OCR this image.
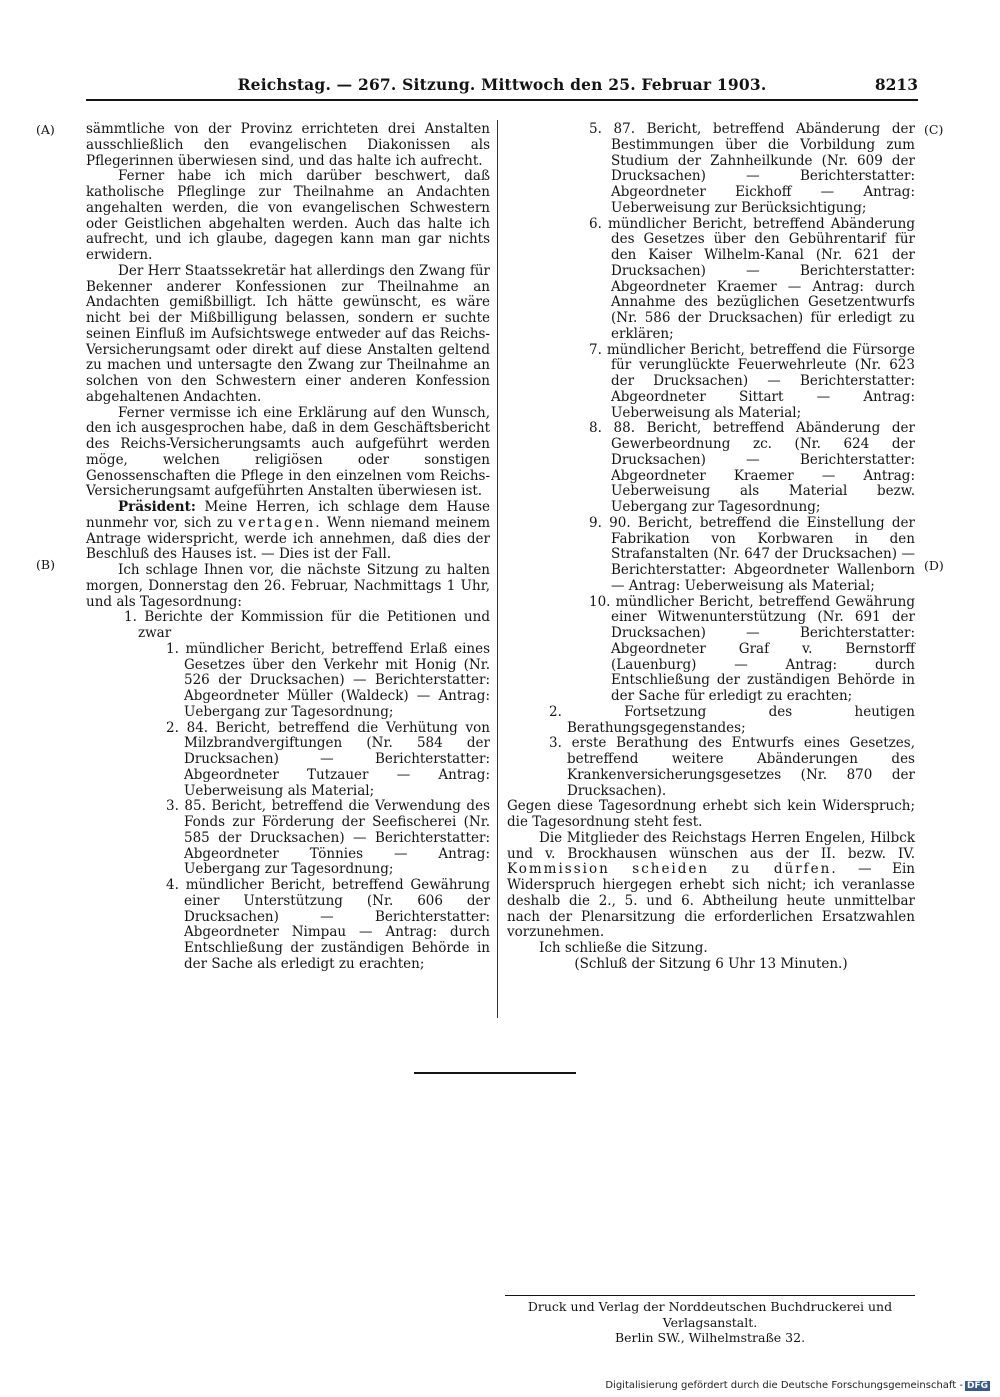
Reichstag. — 267. Sitzung. Mittwoch den 25. Februar 1903.	8213
(A)
(B)
(C)
(D)

sämmtliche von der Provinz errichteten drei Anstalten ausschließlich den evangelischen Diakonissen als Pflegerinnen überwiesen sind, und das halte ich aufrecht.

Ferner habe ich mich darüber beschwert, daß katholische Pfleglinge zur Theilnahme an Andachten angehalten werden, die von evangelischen Schwestern oder Geistlichen abgehalten werden. Auch das halte ich aufrecht, und ich glaube, dagegen kann man gar nichts erwidern.

Der Herr Staatssekretär hat allerdings den Zwang für Bekenner anderer Konfessionen zur Theilnahme an Andachten gemißbilligt. Ich hätte gewünscht, es wäre nicht bei der Mißbilligung belassen, sondern er suchte seinen Einfluß im Aufsichtswege entweder auf das Reichs-Versicherungsamt oder direkt auf diese Anstalten geltend zu machen und untersagte den Zwang zur Theilnahme an solchen von den Schwestern einer anderen Konfession abgehaltenen Andachten.

Ferner vermisse ich eine Erklärung auf den Wunsch, den ich ausgesprochen habe, daß in dem Geschäftsbericht des Reichs-Versicherungsamts auch aufgeführt werden möge, welchen religiösen oder sonstigen Genossenschaften die Pflege in den einzelnen vom Reichs-Versicherungsamt aufgeführten Anstalten überwiesen ist.

Präsident: Meine Herren, ich schlage dem Hause nunmehr vor, sich zu vertagen. Wenn niemand meinem Antrage widerspricht, werde ich annehmen, daß dies der Beschluß des Hauses ist. — Dies ist der Fall.

Ich schlage Ihnen vor, die nächste Sitzung zu halten morgen, Donnerstag den 26. Februar, Nachmittags 1 Uhr, und als Tagesordnung:

1. Berichte der Kommission für die Petitionen und zwar

1. mündlicher Bericht, betreffend Erlaß eines Gesetzes über den Verkehr mit Honig (Nr. 526 der Drucksachen) — Berichterstatter: Abgeordneter Müller (Waldeck) — Antrag: Uebergang zur Tagesordnung;

2. 84. Bericht, betreffend die Verhütung von Milzbrandvergiftungen (Nr. 584 der Drucksachen) — Berichterstatter: Abgeordneter Tutzauer — Antrag: Ueberweisung als Material;

3. 85. Bericht, betreffend die Verwendung des Fonds zur Förderung der Seefischerei (Nr. 585 der Drucksachen) — Berichterstatter: Abgeordneter Tönnies — Antrag: Uebergang zur Tagesordnung;

4. mündlicher Bericht, betreffend Gewährung einer Unterstützung (Nr. 606 der Drucksachen) — Berichterstatter: Abgeordneter Nimpau — Antrag: durch Entschließung der zuständigen Behörde in der Sache als erledigt zu erachten;

5. 87. Bericht, betreffend Abänderung der Bestimmungen über die Vorbildung zum Studium der Zahnheilkunde (Nr. 609 der Drucksachen) — Berichterstatter: Abgeordneter Eickhoff — Antrag: Ueberweisung zur Berücksichtigung;

6. mündlicher Bericht, betreffend Abänderung des Gesetzes über den Gebührentarif für den Kaiser Wilhelm-Kanal (Nr. 621 der Drucksachen) — Berichterstatter: Abgeordneter Kraemer — Antrag: durch Annahme des bezüglichen Gesetzentwurfs (Nr. 586 der Drucksachen) für erledigt zu erklären;

7. mündlicher Bericht, betreffend die Fürsorge für verunglückte Feuerwehrleute (Nr. 623 der Drucksachen) — Berichterstatter: Abgeordneter Sittart — Antrag: Ueberweisung als Material;

8. 88. Bericht, betreffend Abänderung der Gewerbeordnung zc. (Nr. 624 der Drucksachen) — Berichterstatter: Abgeordneter Kraemer — Antrag: Ueberweisung als Material bezw. Uebergang zur Tagesordnung;

9. 90. Bericht, betreffend die Einstellung der Fabrikation von Korbwaren in den Strafanstalten (Nr. 647 der Drucksachen) — Berichterstatter: Abgeordneter Wallenborn — Antrag: Ueberweisung als Material;

10. mündlicher Bericht, betreffend Gewährung einer Witwenunterstützung (Nr. 691 der Drucksachen) — Berichterstatter: Abgeordneter Graf v. Bernstorff (Lauenburg) — Antrag: durch Entschließung der zuständigen Behörde in der Sache für erledigt zu erachten;

2. Fortsetzung des heutigen Berathungsgegenstandes;

3. erste Berathung des Entwurfs eines Gesetzes, betreffend weitere Abänderungen des Krankenversicherungsgesetzes (Nr. 870 der Drucksachen).

Gegen diese Tagesordnung erhebt sich kein Widerspruch; die Tagesordnung steht fest.

Die Mitglieder des Reichstags Herren Engelen, Hilbck und v. Brockhausen wünschen aus der II. bezw. IV. Kommission scheiden zu dürfen. — Ein Widerspruch hiergegen erhebt sich nicht; ich veranlasse deshalb die 2., 5. und 6. Abtheilung heute unmittelbar nach der Plenarsitzung die erforderlichen Ersatzwahlen vorzunehmen.

Ich schließe die Sitzung.

(Schluß der Sitzung 6 Uhr 13 Minuten.)

Druck und Verlag der Norddeutschen Buchdruckerei und Verlagsanstalt.
Berlin SW., Wilhelmstraße 32.
Digitalisierung gefördert durch die Deutsche Forschungsgemeinschaft - DFG
